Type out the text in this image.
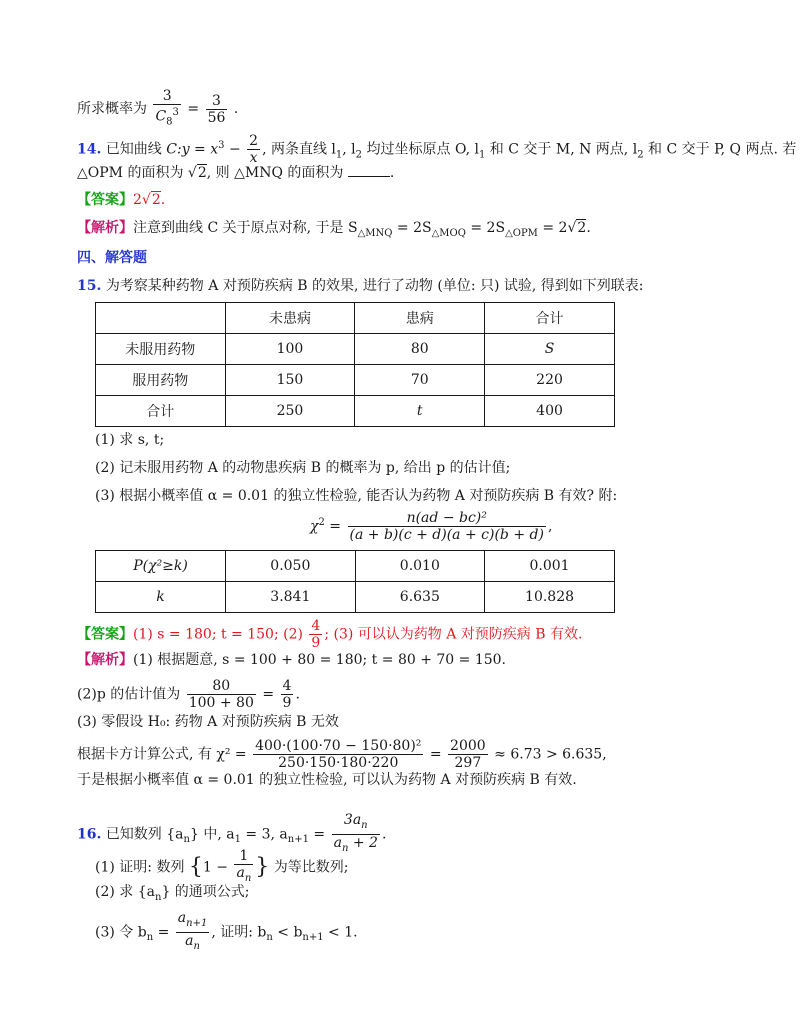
所求概率为 $\frac{3}{C_8^3} = \frac{3}{56}$ .
14. 已知曲线 C:y = $x^3 - \frac{2}{x}$ , 两条直线 $l_1$, $l_2$ 均过坐标原点 O, $l_1$ 和 C 交于 M, N 两点, $l_2$ 和 C 交于 P, Q 两点. 若
△OPM 的面积为 √2, 则 △MNQ 的面积为	.
【答案】2√2.
【解析】注意到曲线 C 关于原点对称, 于是 $S_{\triangle MNQ} = 2S_{\triangle MOQ} = 2S_{\triangle OPM} = 2√2$.
四、解答题
15. 为考察某种药物 A 对预防疾病 B 的效果, 进行了动物 (单位: 只) 试验, 得到如下列联表:
	未患病	患病	合计
未服用药物	100	80	S
服用药物	150	70	220
合计	250	t	400
(1) 求 s, t;
(2) 记未服用药物 A 的动物患疾病 B 的概率为 p, 给出 p 的估计值;
(3) 根据小概率值 α = 0.01 的独立性检验, 能否认为药物 A 对预防疾病 B 有效? 附:
$\chi^2 = \frac{\text{n(ad − bc)²}}{(a + b)(c + d)(a + c)(b + d)}$ ,
P(χ²≥k)	0.050	0.010	0.001
k	3.841	6.635	10.828
【答案】(1) s = 180; t = 150; $(2) \frac{4}{9}$ ; (3) 可以认为药物 A 对预防疾病 B 有效.
【解析】(1) 根据题意, s = 100 + 80 = 180; t = 80 + 70 = 150.
(2)p 的估计值为 $\frac{80}{100 + 80} = \frac{4}{9}$ .
(3) 零假设 H₀: 药物 A 对预防疾病 B 无效
根据卡方计算公式, 有 $\chi^2 = \frac{\text{400·(100·70 − 150·80)²}}{250\cdot 150\cdot 180\cdot 220} = \frac{2000}{297} \approx 6.73 > 6.635$,
于是根据小概率值 α = 0.01 的独立性检验, 可以认为药物 A 对预防疾病 B 有效.
16. 已知数列 $\{a_n\}$ 中, $a_1 = 3$, $a_{n+1} = \frac{3a_n}{a_n + 2}$ .
(1) 证明: 数列 {$1 - \frac{1}{a_n}$ } 为等比数列;
(2) 求 $\{a_n\}$ 的通项公式;
(3) 令 $b_n = \frac{a_{n+1}}{a_n}$ , 证明: $b_n < b_{n+1} < 1$.
